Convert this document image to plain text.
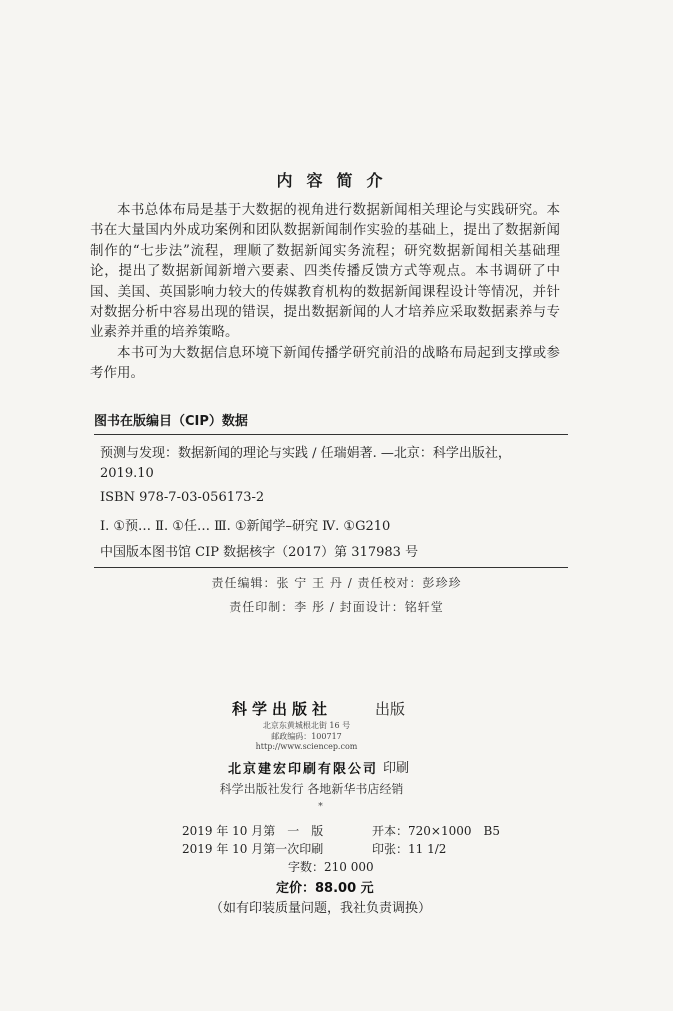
内容简介

本书总体布局是基于大数据的视角进行数据新闻相关理论与实践研究。本书在大量国内外成功案例和团队数据新闻制作实验的基础上，提出了数据新闻制作的“七步法”流程，理顺了数据新闻实务流程；研究数据新闻相关基础理论，提出了数据新闻新增六要素、四类传播反馈方式等观点。本书调研了中国、美国、英国影响力较大的传媒教育机构的数据新闻课程设计等情况，并针对数据分析中容易出现的错误，提出数据新闻的人才培养应采取数据素养与专业素养并重的培养策略。

本书可为大数据信息环境下新闻传播学研究前沿的战略布局起到支撑或参考作用。

图书在版编目（CIP）数据
预测与发现：数据新闻的理论与实践 / 任瑞娟著. —北京：科学出版社，
2019.10
ISBN 978-7-03-056173-2
Ⅰ. ①预… Ⅱ. ①任… Ⅲ. ①新闻学–研究 Ⅳ. ①G210
中国版本图书馆 CIP 数据核字（2017）第 317983 号
责任编辑：张 宁 王 丹 / 责任校对：彭珍珍
责任印制：李 彤 / 封面设计：铭轩堂
科学出版社	出版
北京东黄城根北街 16 号
邮政编码：100717
http://www.sciencep.com
北京建宏印刷有限公司 印刷
科学出版社发行 各地新华书店经销
*
2019 年 10 月第　一　版	开本：720×1000　B5
2019 年 10 月第一次印刷	印张：11 1/2
字数：210 000
定价：88.00 元
（如有印装质量问题，我社负责调换）
